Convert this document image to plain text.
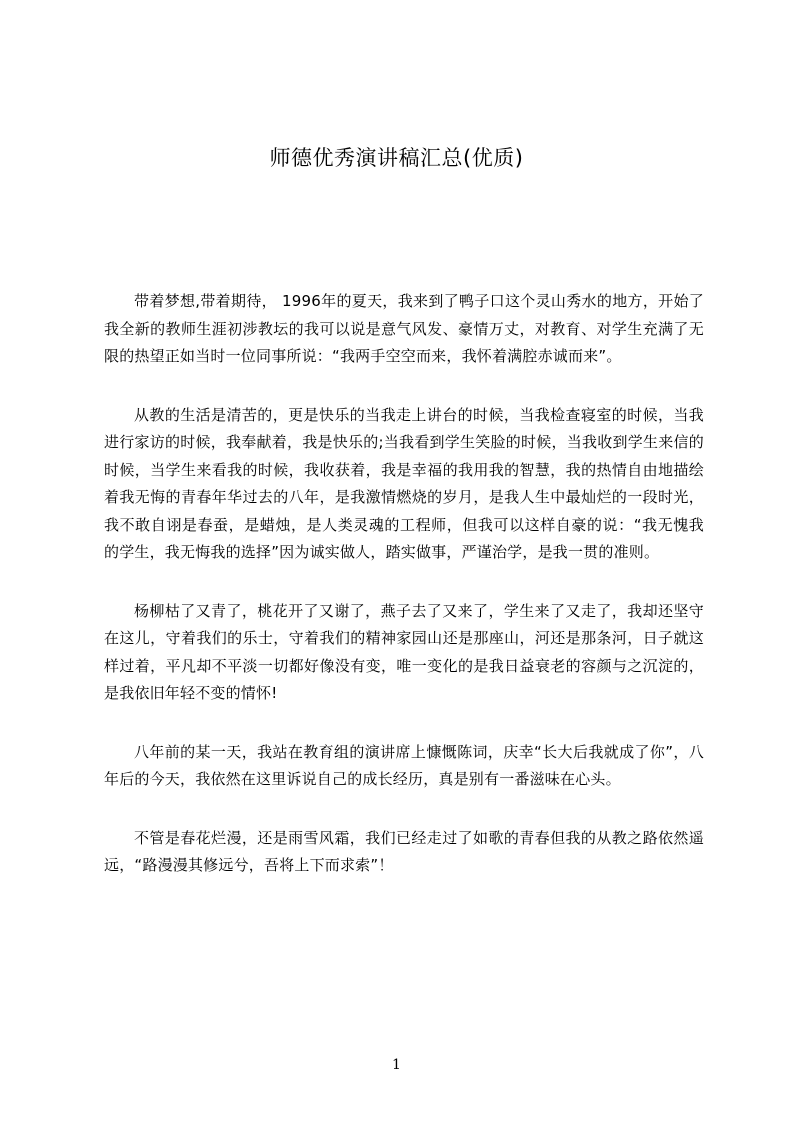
师德优秀演讲稿汇总(优质)

带着梦想,带着期待， 1996年的夏天，我来到了鸭子口这个灵山秀水的地方，开始了我全新的教师生涯初涉教坛的我可以说是意气风发、豪情万丈，对教育、对学生充满了无限的热望正如当时一位同事所说：“我两手空空而来，我怀着满腔赤诚而来”。

从教的生活是清苦的，更是快乐的当我走上讲台的时候，当我检查寝室的时候，当我进行家访的时候，我奉献着，我是快乐的;当我看到学生笑脸的时候，当我收到学生来信的时候，当学生来看我的时候，我收获着，我是幸福的我用我的智慧，我的热情自由地描绘着我无悔的青春年华过去的八年，是我激情燃烧的岁月，是我人生中最灿烂的一段时光，我不敢自诩是春蚕，是蜡烛，是人类灵魂的工程师，但我可以这样自豪的说：“我无愧我的学生，我无悔我的选择”因为诚实做人，踏实做事，严谨治学，是我一贯的准则。

杨柳枯了又青了，桃花开了又谢了，燕子去了又来了，学生来了又走了，我却还坚守在这儿，守着我们的乐士，守着我们的精神家园山还是那座山，河还是那条河，日子就这样过着，平凡却不平淡一切都好像没有变，唯一变化的是我日益衰老的容颜与之沉淀的，是我依旧年轻不变的情怀!

八年前的某一天，我站在教育组的演讲席上慷慨陈词，庆幸“长大后我就成了你”，八年后的今天，我依然在这里诉说自己的成长经历，真是别有一番滋味在心头。

不管是春花烂漫，还是雨雪风霜，我们已经走过了如歌的青春但我的从教之路依然遥远，“路漫漫其修远兮，吾将上下而求索”！

1
